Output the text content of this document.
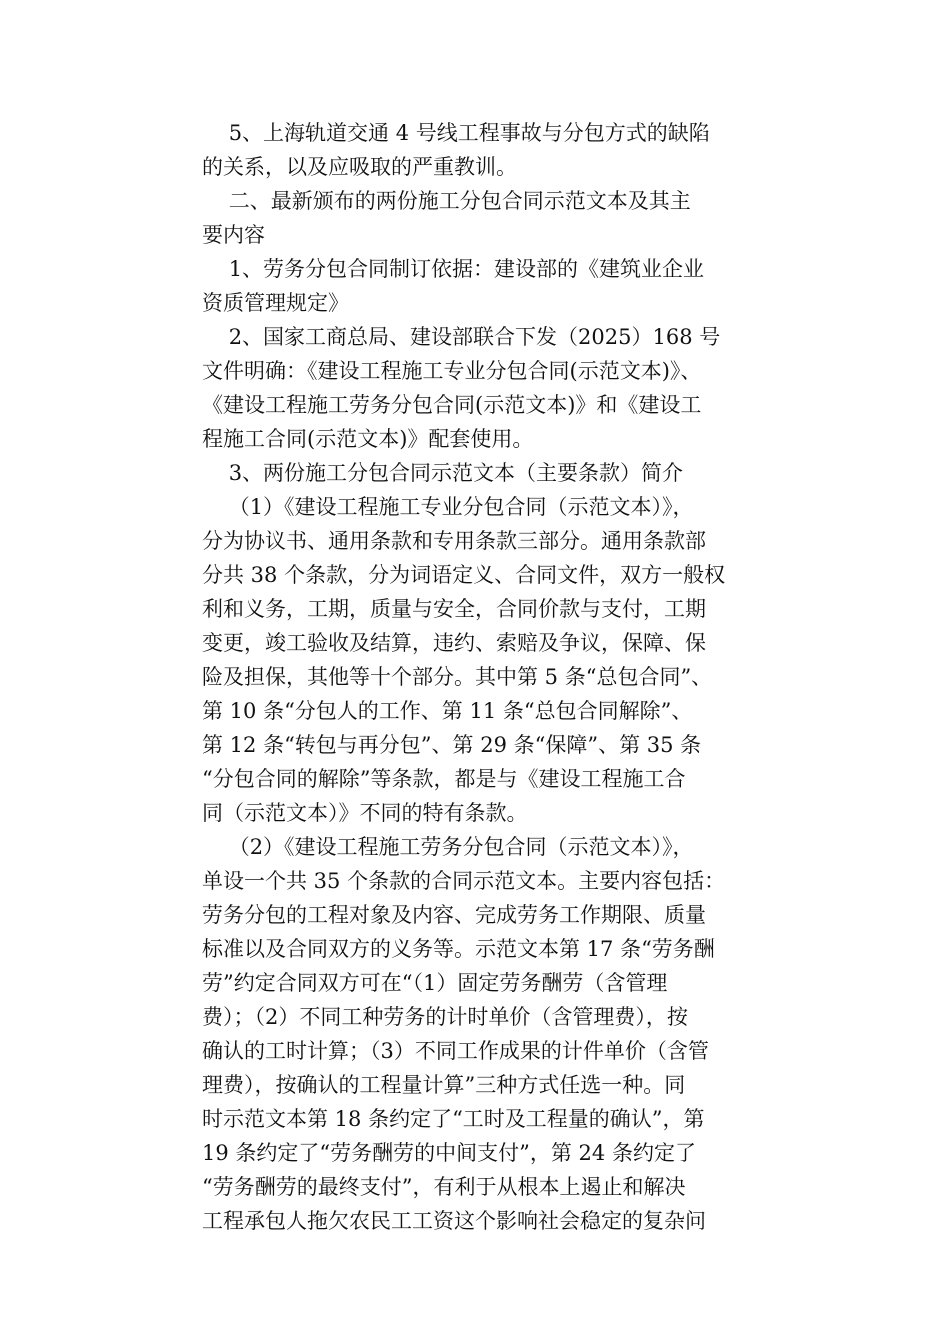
5、上海轨道交通 4 号线工程事故与分包方式的缺陷
的关系，以及应吸取的严重教训。
二、最新颁布的两份施工分包合同示范文本及其主
要内容
1、劳务分包合同制订依据：建设部的《建筑业企业
资质管理规定》
2、国家工商总局、建设部联合下发（2025）168 号
文件明确：《建设工程施工专业分包合同(示范文本)》、
《建设工程施工劳务分包合同(示范文本)》和《建设工
程施工合同(示范文本)》配套使用。
3、两份施工分包合同示范文本（主要条款）简介
（1）《建设工程施工专业分包合同（示范文本）》，
分为协议书、通用条款和专用条款三部分。通用条款部
分共 38 个条款，分为词语定义、合同文件，双方一般权
利和义务，工期，质量与安全，合同价款与支付，工期
变更，竣工验收及结算，违约、索赔及争议，保障、保
险及担保，其他等十个部分。其中第 5 条“总包合同”、
第 10 条“分包人的工作、第 11 条“总包合同解除”、
第 12 条“转包与再分包”、第 29 条“保障”、第 35 条
“分包合同的解除”等条款，都是与《建设工程施工合
同（示范文本）》不同的特有条款。
（2）《建设工程施工劳务分包合同（示范文本）》，
单设一个共 35 个条款的合同示范文本。主要内容包括：
劳务分包的工程对象及内容、完成劳务工作期限、质量
标准以及合同双方的义务等。示范文本第 17 条“劳务酬
劳”约定合同双方可在“（1）固定劳务酬劳（含管理
费）；（2）不同工种劳务的计时单价（含管理费），按
确认的工时计算；（3）不同工作成果的计件单价（含管
理费），按确认的工程量计算”三种方式任选一种。同
时示范文本第 18 条约定了“工时及工程量的确认”，第
19 条约定了“劳务酬劳的中间支付”，第 24 条约定了
“劳务酬劳的最终支付”，有利于从根本上遏止和解决
工程承包人拖欠农民工工资这个影响社会稳定的复杂问
